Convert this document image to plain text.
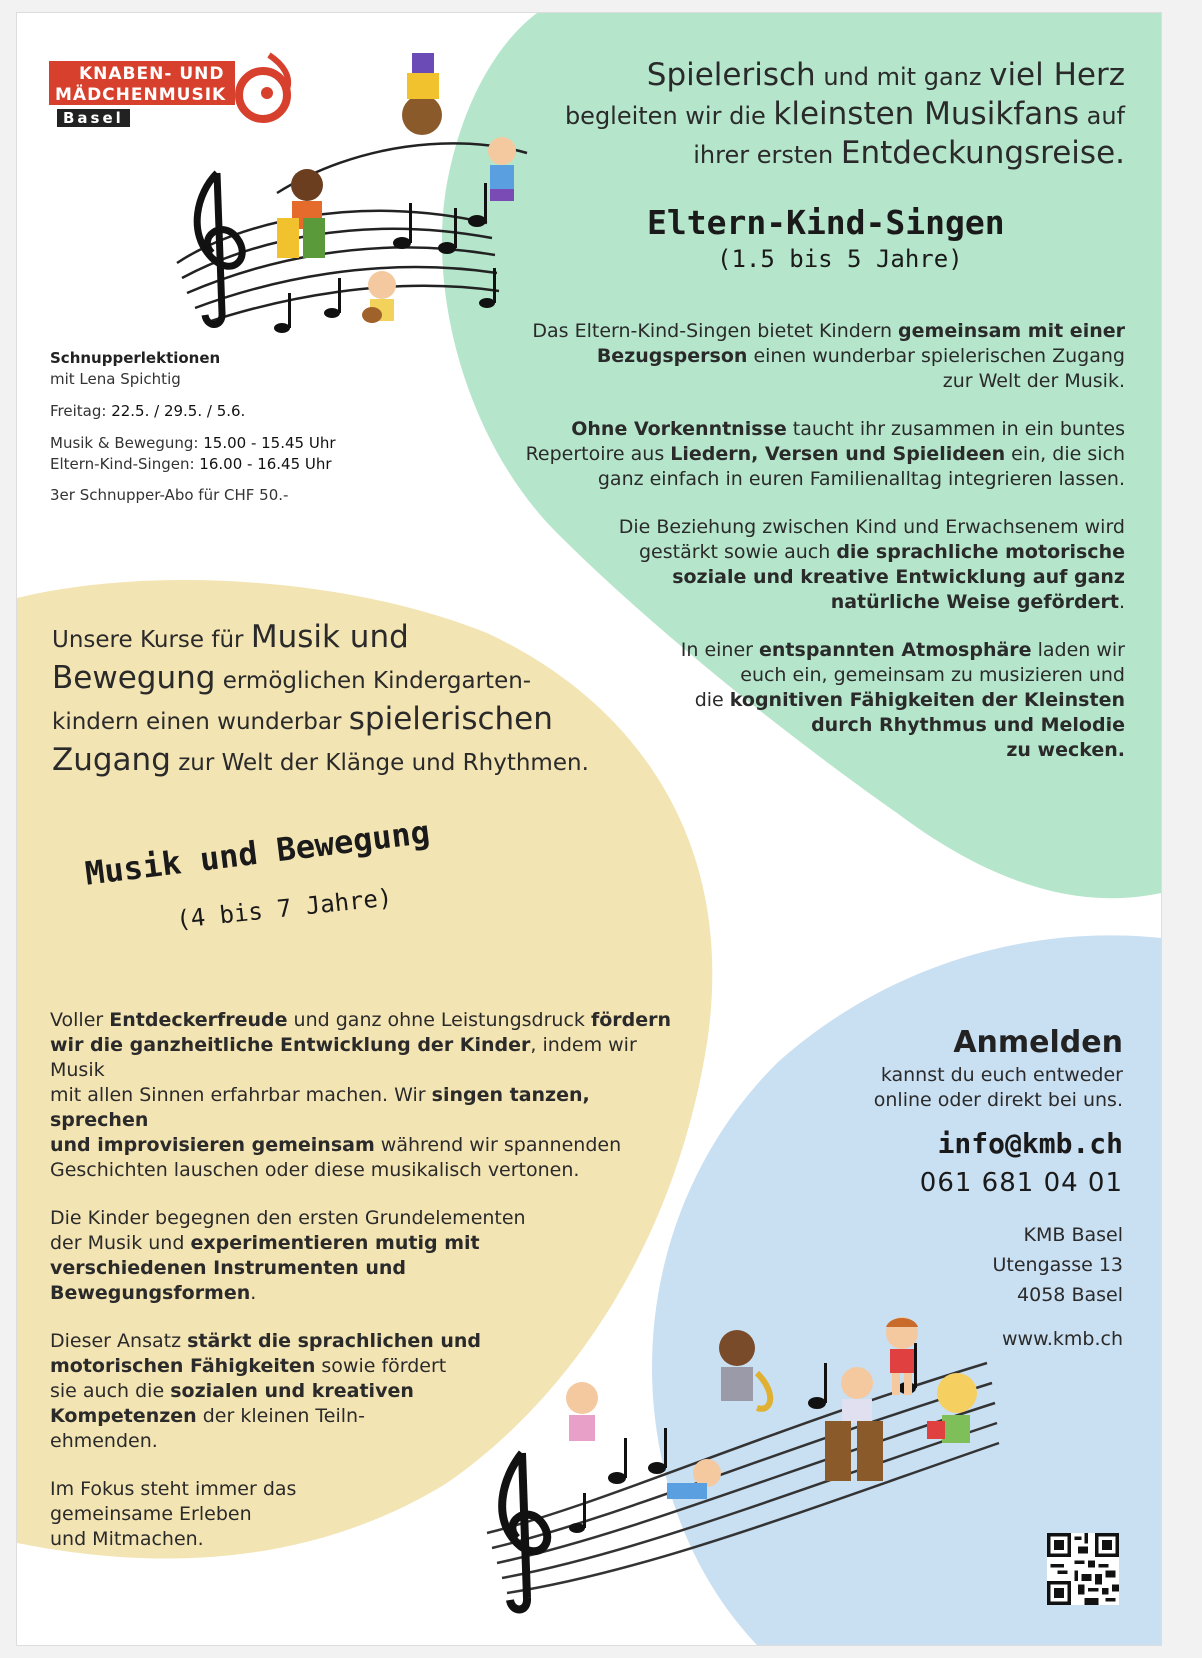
KNABEN- UND
MÄDCHENMUSIK
Basel
Spielerisch und mit ganz viel Herz
begleiten wir die kleinsten Musikfans auf
ihrer ersten Entdeckungsreise.
Eltern-Kind-Singen
(1.5 bis 5 Jahre)
Das Eltern-Kind-Singen bietet Kindern gemeinsam mit einer
Bezugsperson einen wunderbar spielerischen Zugang
zur Welt der Musik.
Ohne Vorkenntnisse taucht ihr zusammen in ein buntes
Repertoire aus Liedern, Versen und Spielideen ein, die sich
ganz einfach in euren Familienalltag integrieren lassen.
Die Beziehung zwischen Kind und Erwachsenem wird
gestärkt sowie auch die sprachliche motorische
soziale und kreative Entwicklung auf ganz
natürliche Weise gefördert.
In einer entspannten Atmosphäre laden wir
euch ein, gemeinsam zu musizieren und
die kognitiven Fähigkeiten der Kleinsten
durch Rhythmus und Melodie
zu wecken.
Schnupperlektionen
mit Lena Spichtig
Freitag: 22.5. / 29.5. / 5.6.
Musik & Bewegung: 15.00 - 15.45 Uhr
Eltern-Kind-Singen: 16.00 - 16.45 Uhr
3er Schnupper-Abo für CHF 50.-
Unsere Kurse für Musik und
Bewegung ermöglichen Kindergarten-
kindern einen wunderbar spielerischen
Zugang zur Welt der Klänge und Rhythmen.
Musik und Bewegung
(4 bis 7 Jahre)
Voller Entdeckerfreude und ganz ohne Leistungsdruck fördern
wir die ganzheitliche Entwicklung der Kinder, indem wir Musik
mit allen Sinnen erfahrbar machen. Wir singen tanzen, sprechen
und improvisieren gemeinsam während wir spannenden
Geschichten lauschen oder diese musikalisch vertonen.
Die Kinder begegnen den ersten Grundelementen
der Musik und experimentieren mutig mit
verschiedenen Instrumenten und
Bewegungsformen.
Dieser Ansatz stärkt die sprachlichen und
motorischen Fähigkeiten sowie fördert
sie auch die sozialen und kreativen
Kompetenzen der kleinen Teiln-
ehmenden.
Im Fokus steht immer das
gemeinsame Erleben
und Mitmachen.
Anmelden
kannst du euch entweder
online oder direkt bei uns.
info@kmb.ch
061 681 04 01
KMB Basel
Utengasse 13
4058 Basel
www.kmb.ch
